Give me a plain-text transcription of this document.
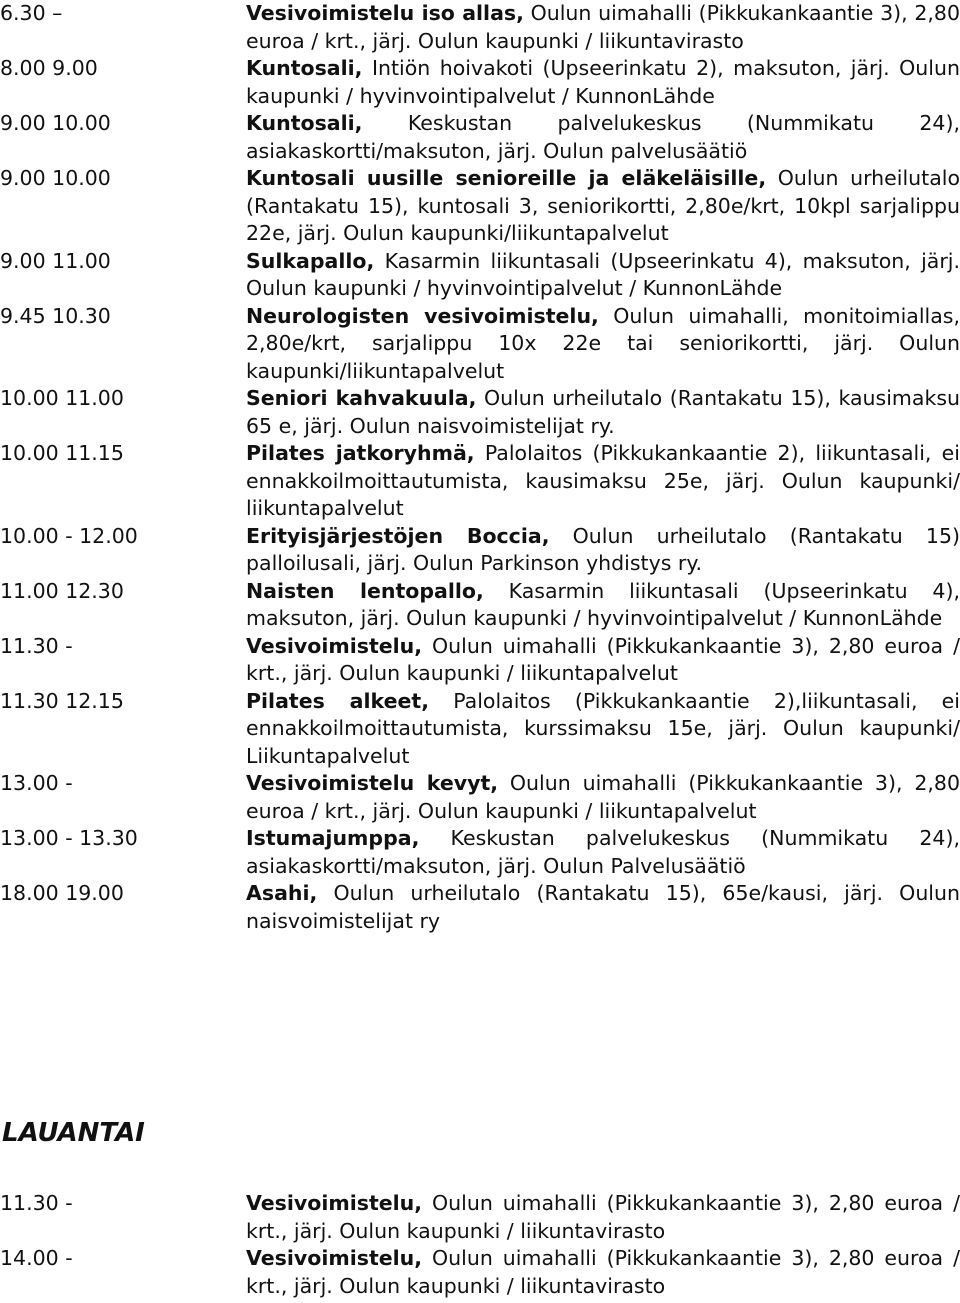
6.30 –	Vesivoimistelu iso allas, Oulun uimahalli (Pikkukankaantie 3), 2,80 euroa / krt., järj. Oulun kaupunki / liikuntavirasto
8.00 9.00	Kuntosali, Intiön hoivakoti (Upseerinkatu 2), maksuton, järj. Oulun kaupunki / hyvinvointipalvelut / KunnonLähde
9.00 10.00	Kuntosali, Keskustan palvelukeskus (Nummikatu 24), asiakaskortti/maksuton, järj. Oulun palvelusäätiö
9.00 10.00	Kuntosali uusille senioreille ja eläkeläisille, Oulun urheilutalo (Rantakatu 15), kuntosali 3, seniorikortti, 2,80e/krt, 10kpl sarjalippu 22e, järj. Oulun kaupunki/liikuntapalvelut
9.00 11.00	Sulkapallo, Kasarmin liikuntasali (Upseerinkatu 4), maksuton, järj. Oulun kaupunki / hyvinvointipalvelut / KunnonLähde
9.45 10.30	Neurologisten vesivoimistelu, Oulun uimahalli, monitoimiallas, 2,80e/krt, sarjalippu 10x 22e tai seniorikortti, järj. Oulun kaupunki/liikuntapalvelut
10.00 11.00	Seniori kahvakuula, Oulun urheilutalo (Rantakatu 15), kausimaksu 65 e, järj. Oulun naisvoimistelijat ry.
10.00 11.15	Pilates jatkoryhmä, Palolaitos (Pikkukankaantie 2), liikuntasali, ei ennakkoilmoittautumista, kausimaksu 25e, järj. Oulun kaupunki/ liikuntapalvelut
10.00 - 12.00	Erityisjärjestöjen Boccia, Oulun urheilutalo (Rantakatu 15) palloilusali, järj. Oulun Parkinson yhdistys ry.
11.00 12.30	Naisten lentopallo, Kasarmin liikuntasali (Upseerinkatu 4), maksuton, järj. Oulun kaupunki / hyvinvointipalvelut / KunnonLähde
11.30 -	Vesivoimistelu, Oulun uimahalli (Pikkukankaantie 3), 2,80 euroa / krt., järj. Oulun kaupunki / liikuntapalvelut
11.30 12.15	Pilates alkeet, Palolaitos (Pikkukankaantie 2),liikuntasali, ei ennakkoilmoittautumista, kurssimaksu 15e, järj. Oulun kaupunki/ Liikuntapalvelut
13.00 -	Vesivoimistelu kevyt, Oulun uimahalli (Pikkukankaantie 3), 2,80 euroa / krt., järj. Oulun kaupunki / liikuntapalvelut
13.00 - 13.30	Istumajumppa, Keskustan palvelukeskus (Nummikatu 24), asiakaskortti/maksuton, järj. Oulun Palvelusäätiö
18.00 19.00	Asahi, Oulun urheilutalo (Rantakatu 15), 65e/kausi, järj. Oulun naisvoimistelijat ry
LAUANTAI
11.30 -	Vesivoimistelu, Oulun uimahalli (Pikkukankaantie 3), 2,80 euroa / krt., järj. Oulun kaupunki / liikuntavirasto
14.00 -	Vesivoimistelu, Oulun uimahalli (Pikkukankaantie 3), 2,80 euroa / krt., järj. Oulun kaupunki / liikuntavirasto
